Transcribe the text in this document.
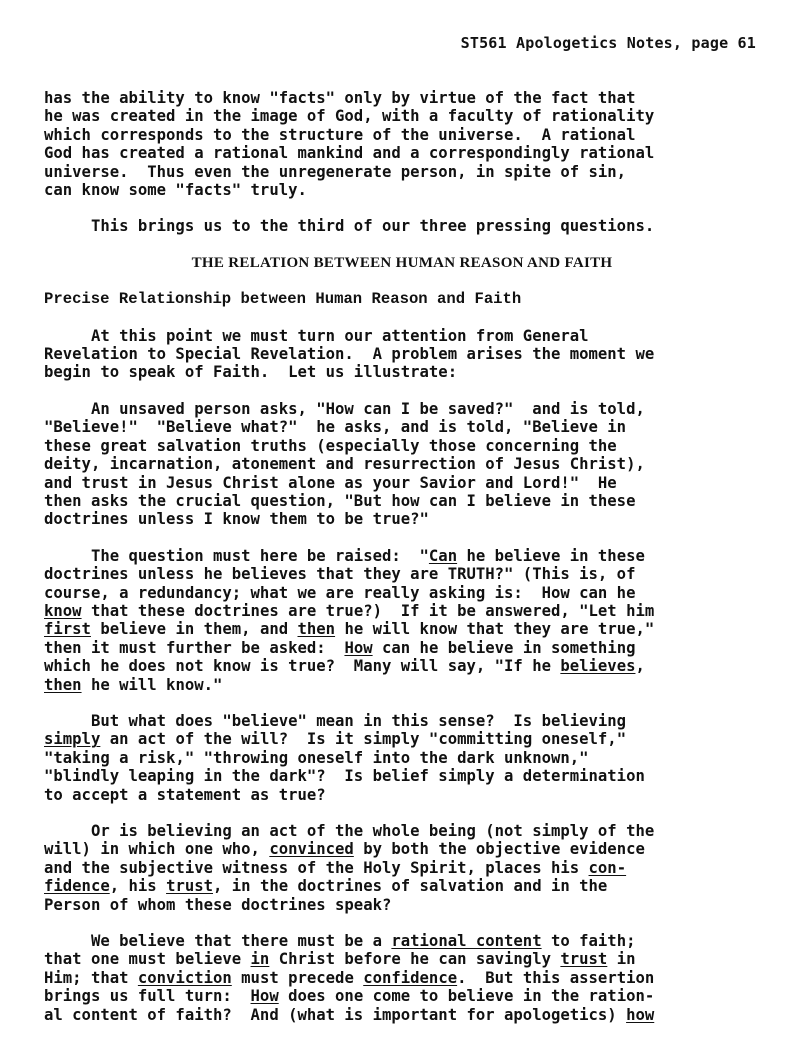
ST561 Apologetics Notes, page 61
has the ability to know "facts" only by virtue of the fact that
he was created in the image of God, with a faculty of rationality
which corresponds to the structure of the universe.  A rational
God has created a rational mankind and a correspondingly rational
universe.  Thus even the unregenerate person, in spite of sin,
can know some "facts" truly.
This brings us to the third of our three pressing questions.
THE RELATION BETWEEN HUMAN REASON AND FAITH
Precise Relationship between Human Reason and Faith
At this point we must turn our attention from General
Revelation to Special Revelation.  A problem arises the moment we
begin to speak of Faith.  Let us illustrate:
An unsaved person asks, "How can I be saved?"  and is told,
"Believe!"  "Believe what?"  he asks, and is told, "Believe in
these great salvation truths (especially those concerning the
deity, incarnation, atonement and resurrection of Jesus Christ),
and trust in Jesus Christ alone as your Savior and Lord!"  He
then asks the crucial question, "But how can I believe in these
doctrines unless I know them to be true?"
The question must here be raised:  "Can he believe in these
doctrines unless he believes that they are TRUTH?" (This is, of
course, a redundancy; what we are really asking is:  How can he
know that these doctrines are true?)  If it be answered, "Let him
first believe in them, and then he will know that they are true,"
then it must further be asked:  How can he believe in something
which he does not know is true?  Many will say, "If he believes,
then he will know."
But what does "believe" mean in this sense?  Is believing
simply an act of the will?  Is it simply "committing oneself,"
"taking a risk," "throwing oneself into the dark unknown,"
"blindly leaping in the dark"?  Is belief simply a determination
to accept a statement as true?
Or is believing an act of the whole being (not simply of the
will) in which one who, convinced by both the objective evidence
and the subjective witness of the Holy Spirit, places his con-
fidence, his trust, in the doctrines of salvation and in the
Person of whom these doctrines speak?
We believe that there must be a rational content to faith;
that one must believe in Christ before he can savingly trust in
Him; that conviction must precede confidence.  But this assertion
brings us full turn:  How does one come to believe in the ration-
al content of faith?  And (what is important for apologetics) how
